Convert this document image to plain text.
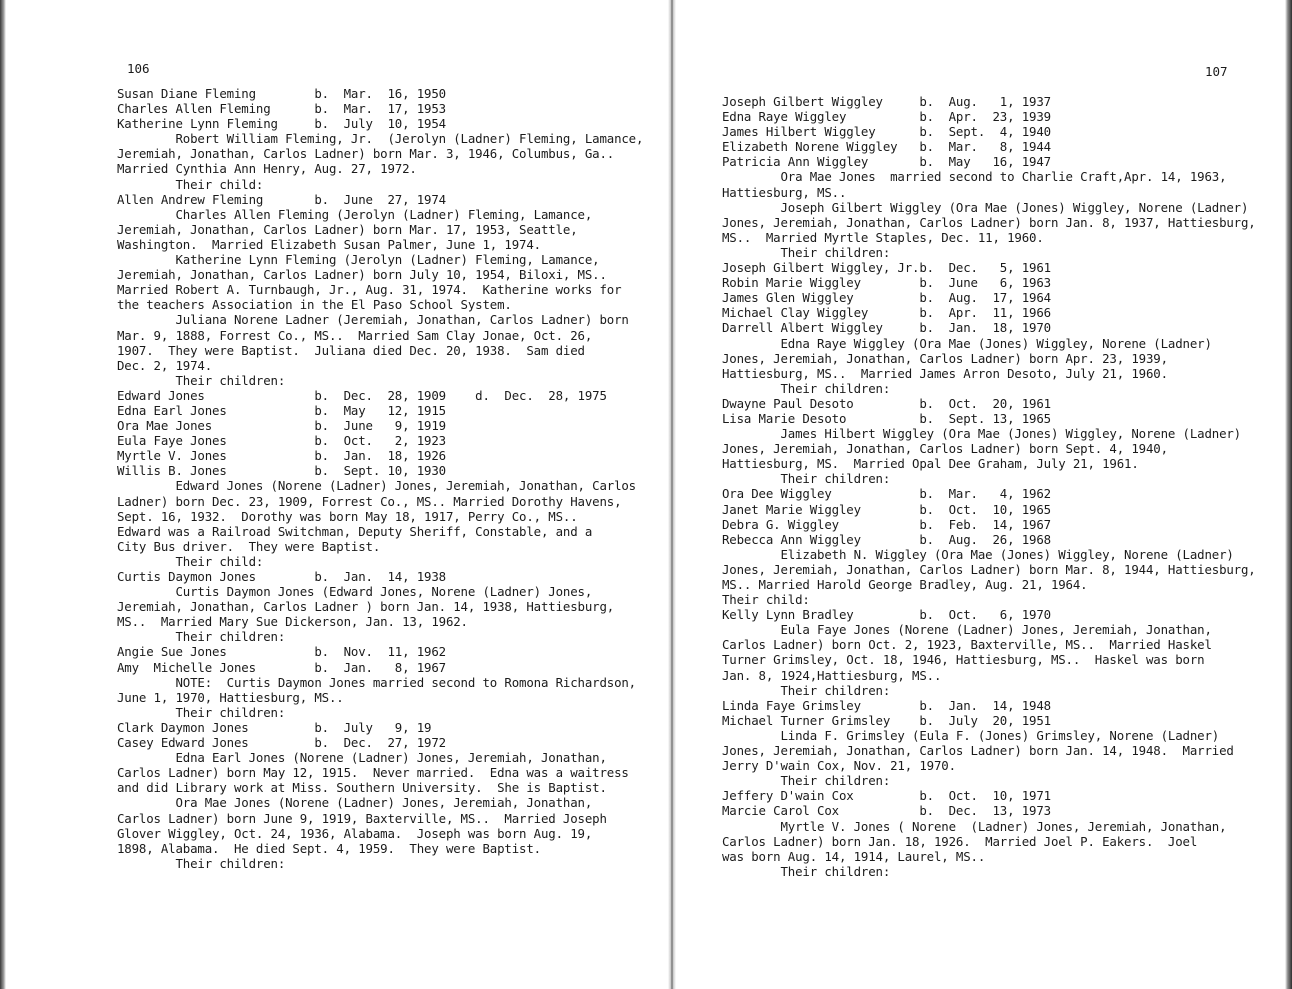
106
Susan Diane Fleming        b.  Mar.  16, 1950
Charles Allen Fleming      b.  Mar.  17, 1953
Katherine Lynn Fleming     b.  July  10, 1954
Robert William Fleming, Jr.  (Jerolyn (Ladner) Fleming, Lamance,
Jeremiah, Jonathan, Carlos Ladner) born Mar. 3, 1946, Columbus, Ga..
Married Cynthia Ann Henry, Aug. 27, 1972.
Their child:
Allen Andrew Fleming       b.  June  27, 1974
Charles Allen Fleming (Jerolyn (Ladner) Fleming, Lamance,
Jeremiah, Jonathan, Carlos Ladner) born Mar. 17, 1953, Seattle,
Washington.  Married Elizabeth Susan Palmer, June 1, 1974.
Katherine Lynn Fleming (Jerolyn (Ladner) Fleming, Lamance,
Jeremiah, Jonathan, Carlos Ladner) born July 10, 1954, Biloxi, MS..
Married Robert A. Turnbaugh, Jr., Aug. 31, 1974.  Katherine works for
the teachers Association in the El Paso School System.
Juliana Norene Ladner (Jeremiah, Jonathan, Carlos Ladner) born
Mar. 9, 1888, Forrest Co., MS..  Married Sam Clay Jonae, Oct. 26,
1907.  They were Baptist.  Juliana died Dec. 20, 1938.  Sam died
Dec. 2, 1974.
Their children:
Edward Jones               b.  Dec.  28, 1909    d.  Dec.  28, 1975
Edna Earl Jones            b.  May   12, 1915
Ora Mae Jones              b.  June   9, 1919
Eula Faye Jones            b.  Oct.   2, 1923
Myrtle V. Jones            b.  Jan.  18, 1926
Willis B. Jones            b.  Sept. 10, 1930
Edward Jones (Norene (Ladner) Jones, Jeremiah, Jonathan, Carlos
Ladner) born Dec. 23, 1909, Forrest Co., MS.. Married Dorothy Havens,
Sept. 16, 1932.  Dorothy was born May 18, 1917, Perry Co., MS..
Edward was a Railroad Switchman, Deputy Sheriff, Constable, and a
City Bus driver.  They were Baptist.
Their child:
Curtis Daymon Jones        b.  Jan.  14, 1938
Curtis Daymon Jones (Edward Jones, Norene (Ladner) Jones,
Jeremiah, Jonathan, Carlos Ladner ) born Jan. 14, 1938, Hattiesburg,
MS..  Married Mary Sue Dickerson, Jan. 13, 1962.
Their children:
Angie Sue Jones            b.  Nov.  11, 1962
Amy  Michelle Jones        b.  Jan.   8, 1967
NOTE:  Curtis Daymon Jones married second to Romona Richardson,
June 1, 1970, Hattiesburg, MS..
Their children:
Clark Daymon Jones         b.  July   9, 19
Casey Edward Jones         b.  Dec.  27, 1972
Edna Earl Jones (Norene (Ladner) Jones, Jeremiah, Jonathan,
Carlos Ladner) born May 12, 1915.  Never married.  Edna was a waitress
and did Library work at Miss. Southern University.  She is Baptist.
Ora Mae Jones (Norene (Ladner) Jones, Jeremiah, Jonathan,
Carlos Ladner) born June 9, 1919, Baxterville, MS..  Married Joseph
Glover Wiggley, Oct. 24, 1936, Alabama.  Joseph was born Aug. 19,
1898, Alabama.  He died Sept. 4, 1959.  They were Baptist.
Their children:
107
Joseph Gilbert Wiggley     b.  Aug.   1, 1937
Edna Raye Wiggley          b.  Apr.  23, 1939
James Hilbert Wiggley      b.  Sept.  4, 1940
Elizabeth Norene Wiggley   b.  Mar.   8, 1944
Patricia Ann Wiggley       b.  May   16, 1947
Ora Mae Jones  married second to Charlie Craft,Apr. 14, 1963,
Hattiesburg, MS..
Joseph Gilbert Wiggley (Ora Mae (Jones) Wiggley, Norene (Ladner)
Jones, Jeremiah, Jonathan, Carlos Ladner) born Jan. 8, 1937, Hattiesburg,
MS..  Married Myrtle Staples, Dec. 11, 1960.
Their children:
Joseph Gilbert Wiggley, Jr.b.  Dec.   5, 1961
Robin Marie Wiggley        b.  June   6, 1963
James Glen Wiggley         b.  Aug.  17, 1964
Michael Clay Wiggley       b.  Apr.  11, 1966
Darrell Albert Wiggley     b.  Jan.  18, 1970
Edna Raye Wiggley (Ora Mae (Jones) Wiggley, Norene (Ladner)
Jones, Jeremiah, Jonathan, Carlos Ladner) born Apr. 23, 1939,
Hattiesburg, MS..  Married James Arron Desoto, July 21, 1960.
Their children:
Dwayne Paul Desoto         b.  Oct.  20, 1961
Lisa Marie Desoto          b.  Sept. 13, 1965
James Hilbert Wiggley (Ora Mae (Jones) Wiggley, Norene (Ladner)
Jones, Jeremiah, Jonathan, Carlos Ladner) born Sept. 4, 1940,
Hattiesburg, MS.  Married Opal Dee Graham, July 21, 1961.
Their children:
Ora Dee Wiggley            b.  Mar.   4, 1962
Janet Marie Wiggley        b.  Oct.  10, 1965
Debra G. Wiggley           b.  Feb.  14, 1967
Rebecca Ann Wiggley        b.  Aug.  26, 1968
Elizabeth N. Wiggley (Ora Mae (Jones) Wiggley, Norene (Ladner)
Jones, Jeremiah, Jonathan, Carlos Ladner) born Mar. 8, 1944, Hattiesburg,
MS.. Married Harold George Bradley, Aug. 21, 1964.
Their child:
Kelly Lynn Bradley         b.  Oct.   6, 1970
Eula Faye Jones (Norene (Ladner) Jones, Jeremiah, Jonathan,
Carlos Ladner) born Oct. 2, 1923, Baxterville, MS..  Married Haskel
Turner Grimsley, Oct. 18, 1946, Hattiesburg, MS..  Haskel was born
Jan. 8, 1924,Hattiesburg, MS..
Their children:
Linda Faye Grimsley        b.  Jan.  14, 1948
Michael Turner Grimsley    b.  July  20, 1951
Linda F. Grimsley (Eula F. (Jones) Grimsley, Norene (Ladner)
Jones, Jeremiah, Jonathan, Carlos Ladner) born Jan. 14, 1948.  Married
Jerry D'wain Cox, Nov. 21, 1970.
Their children:
Jeffery D'wain Cox         b.  Oct.  10, 1971
Marcie Carol Cox           b.  Dec.  13, 1973
Myrtle V. Jones ( Norene  (Ladner) Jones, Jeremiah, Jonathan,
Carlos Ladner) born Jan. 18, 1926.  Married Joel P. Eakers.  Joel
was born Aug. 14, 1914, Laurel, MS..
Their children:
